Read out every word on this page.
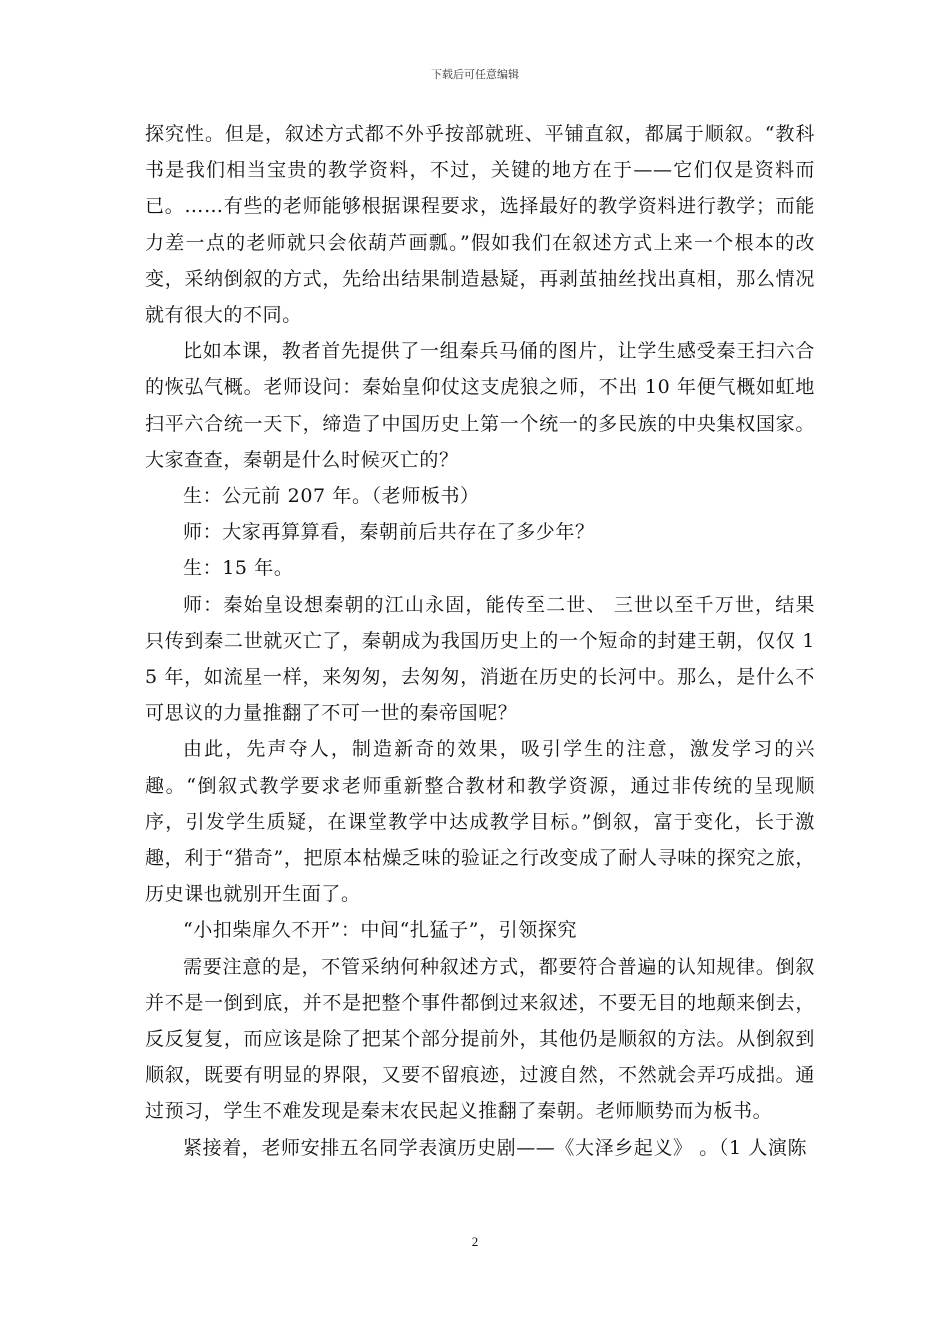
下载后可任意编辑

探究性。但是，叙述方式都不外乎按部就班、平铺直叙，都属于顺叙。“教科书是我们相当宝贵的教学资料，不过，关键的地方在于——它们仅是资料而已。……有些的老师能够根据课程要求，选择最好的教学资料进行教学；而能力差一点的老师就只会依葫芦画瓢。”假如我们在叙述方式上来一个根本的改变，采纳倒叙的方式，先给出结果制造悬疑，再剥茧抽丝找出真相，那么情况就有很大的不同。

比如本课，教者首先提供了一组秦兵马俑的图片，让学生感受秦王扫六合的恢弘气概。老师设问：秦始皇仰仗这支虎狼之师，不出 10 年便气概如虹地扫平六合统一天下，缔造了中国历史上第一个统一的多民族的中央集权国家。大家查查，秦朝是什么时候灭亡的？

生：公元前 207 年。（老师板书）

师：大家再算算看，秦朝前后共存在了多少年？

生：15 年。

师：秦始皇设想秦朝的江山永固，能传至二世、 三世以至千万世，结果只传到秦二世就灭亡了，秦朝成为我国历史上的一个短命的封建王朝，仅仅 15 年，如流星一样，来匆匆，去匆匆，消逝在历史的长河中。那么，是什么不可思议的力量推翻了不可一世的秦帝国呢？

由此，先声夺人，制造新奇的效果，吸引学生的注意，激发学习的兴趣。“倒叙式教学要求老师重新整合教材和教学资源，通过非传统的呈现顺序，引发学生质疑，在课堂教学中达成教学目标。”倒叙，富于变化，长于激趣，利于“猎奇”，把原本枯燥乏味的验证之行改变成了耐人寻味的探究之旅，历史课也就别开生面了。

“小扣柴扉久不开”：中间“扎猛子”，引领探究

需要注意的是，不管采纳何种叙述方式，都要符合普遍的认知规律。倒叙并不是一倒到底，并不是把整个事件都倒过来叙述，不要无目的地颠来倒去，反反复复，而应该是除了把某个部分提前外，其他仍是顺叙的方法。从倒叙到顺叙，既要有明显的界限，又要不留痕迹，过渡自然，不然就会弄巧成拙。通过预习，学生不难发现是秦末农民起义推翻了秦朝。老师顺势而为板书。

紧接着，老师安排五名同学表演历史剧——《大泽乡起义》 。（1 人演陈

2
